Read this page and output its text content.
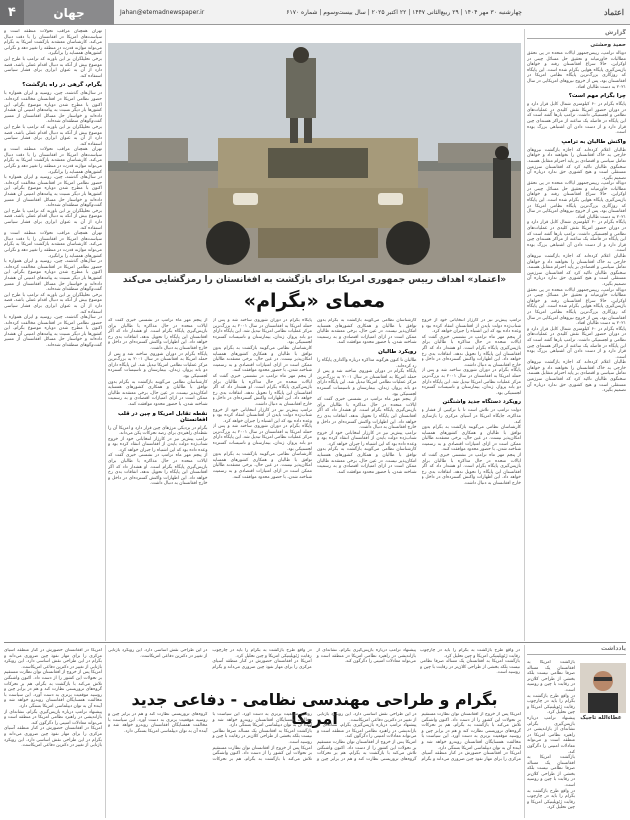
۴	جهان	Jahan@etemadnewspaper.ir	چهارشنبه ۳۰ مهر ۱۴۰۴ | ۲۹ ربیع‌الثانی ۱۴۴۷ | ۲۲ اکتبر ۲۰۲۵ | سال بیست‌وسوم | شماره ۶۱۷۰	اعتماد
گزارش
حمید وحشتی

دونالد ترامپ، رییس‌جمهور ایالات متحده در پی تحقق مطالبات خاورمیانه و تحقیق حل مسائل چینی در اوکراین، حالا سراغ افغانستان رفته و خواهان بازپس‌گیری پایگاه هوایی بگرام شده است. این پایگاه که روزگاری بزرگ‌ترین پایگاه نظامی امریکا در افغانستان بود، پس از خروج نیروهای امریکایی در سال ۲۰۲۱ به دست طالبان افتاد.

چرا بگرام مهم است؟

پایگاه بگرام در ۶۰ کیلومتری شمال کابل قرار دارد و در دوران حضور امریکا نقش کلیدی در عملیات‌های نظامی و لجستیکی داشت. ترامپ بارها گفته است که این پایگاه در فاصله یک ساعته از مراکز هسته‌ای چین قرار دارد و از دست دادن آن اشتباهی بزرگ بوده است.

واکنش طالبان به ترامپ

طالبان اعلام کرده‌اند که اجازه بازگشت نیروهای خارجی به خاک افغانستان را نخواهند داد و خواهان تعامل سیاسی و اقتصادی بر پایه احترام متقابل هستند. سخنگوی طالبان تاکید کرد که افغانستان سرزمین مستقلی است و هیچ کشوری حق ندارد درباره آن تصمیم بگیرد.

دونالد ترامپ، رییس‌جمهور ایالات متحده در پی تحقق مطالبات خاورمیانه و تحقیق حل مسائل چینی در اوکراین، حالا سراغ افغانستان رفته و خواهان بازپس‌گیری پایگاه هوایی بگرام شده است. این پایگاه که روزگاری بزرگ‌ترین پایگاه نظامی امریکا در افغانستان بود، پس از خروج نیروهای امریکایی در سال ۲۰۲۱ به دست طالبان افتاد.

پایگاه بگرام در ۶۰ کیلومتری شمال کابل قرار دارد و در دوران حضور امریکا نقش کلیدی در عملیات‌های نظامی و لجستیکی داشت. ترامپ بارها گفته است که این پایگاه در فاصله یک ساعته از مراکز هسته‌ای چین قرار دارد و از دست دادن آن اشتباهی بزرگ بوده است.

طالبان اعلام کرده‌اند که اجازه بازگشت نیروهای خارجی به خاک افغانستان را نخواهند داد و خواهان تعامل سیاسی و اقتصادی بر پایه احترام متقابل هستند. سخنگوی طالبان تاکید کرد که افغانستان سرزمین مستقلی است و هیچ کشوری حق ندارد درباره آن تصمیم بگیرد.

دونالد ترامپ، رییس‌جمهور ایالات متحده در پی تحقق مطالبات خاورمیانه و تحقیق حل مسائل چینی در اوکراین، حالا سراغ افغانستان رفته و خواهان بازپس‌گیری پایگاه هوایی بگرام شده است. این پایگاه که روزگاری بزرگ‌ترین پایگاه نظامی امریکا در افغانستان بود، پس از خروج نیروهای امریکایی در سال ۲۰۲۱ به دست طالبان افتاد.

پایگاه بگرام در ۶۰ کیلومتری شمال کابل قرار دارد و در دوران حضور امریکا نقش کلیدی در عملیات‌های نظامی و لجستیکی داشت. ترامپ بارها گفته است که این پایگاه در فاصله یک ساعته از مراکز هسته‌ای چین قرار دارد و از دست دادن آن اشتباهی بزرگ بوده است.

طالبان اعلام کرده‌اند که اجازه بازگشت نیروهای خارجی به خاک افغانستان را نخواهند داد و خواهان تعامل سیاسی و اقتصادی بر پایه احترام متقابل هستند. سخنگوی طالبان تاکید کرد که افغانستان سرزمین مستقلی است و هیچ کشوری حق ندارد درباره آن تصمیم بگیرد.

تهران همچنان مراقب تحولات منطقه است و سیاست‌های امریکا در افغانستان را با دقت دنبال می‌کند. کارشناسان معتقدند بازگشت امریکا به بگرام می‌تواند موازنه قدرت در منطقه را تغییر دهد و نگرانی کشورهای همسایه را برانگیزد.

برخی تحلیلگران بر این باورند که ترامپ با طرح این موضوع بیش از آنکه به دنبال اقدام عملی باشد، قصد دارد از آن به عنوان ابزاری برای فشار سیاسی استفاده کند.

بگرام، گرهی در راه بازگشت؟

در سال‌های گذشته، چین، روسیه و ایران همواره با حضور نظامی امریکا در افغانستان مخالفت کرده‌اند. اکنون با مطرح شدن دوباره موضوع بگرام، این کشورها بار دیگر نسبت به پیامدهای امنیتی آن هشدار داده‌اند و خواستار حل مسائل افغانستان از مسیر گفت‌وگوهای منطقه‌ای شده‌اند.

برخی تحلیلگران بر این باورند که ترامپ با طرح این موضوع بیش از آنکه به دنبال اقدام عملی باشد، قصد دارد از آن به عنوان ابزاری برای فشار سیاسی استفاده کند.

تهران همچنان مراقب تحولات منطقه است و سیاست‌های امریکا در افغانستان را با دقت دنبال می‌کند. کارشناسان معتقدند بازگشت امریکا به بگرام می‌تواند موازنه قدرت در منطقه را تغییر دهد و نگرانی کشورهای همسایه را برانگیزد.

در سال‌های گذشته، چین، روسیه و ایران همواره با حضور نظامی امریکا در افغانستان مخالفت کرده‌اند. اکنون با مطرح شدن دوباره موضوع بگرام، این کشورها بار دیگر نسبت به پیامدهای امنیتی آن هشدار داده‌اند و خواستار حل مسائل افغانستان از مسیر گفت‌وگوهای منطقه‌ای شده‌اند.

برخی تحلیلگران بر این باورند که ترامپ با طرح این موضوع بیش از آنکه به دنبال اقدام عملی باشد، قصد دارد از آن به عنوان ابزاری برای فشار سیاسی استفاده کند.

تهران همچنان مراقب تحولات منطقه است و سیاست‌های امریکا در افغانستان را با دقت دنبال می‌کند. کارشناسان معتقدند بازگشت امریکا به بگرام می‌تواند موازنه قدرت در منطقه را تغییر دهد و نگرانی کشورهای همسایه را برانگیزد.

در سال‌های گذشته، چین، روسیه و ایران همواره با حضور نظامی امریکا در افغانستان مخالفت کرده‌اند. اکنون با مطرح شدن دوباره موضوع بگرام، این کشورها بار دیگر نسبت به پیامدهای امنیتی آن هشدار داده‌اند و خواستار حل مسائل افغانستان از مسیر گفت‌وگوهای منطقه‌ای شده‌اند.

برخی تحلیلگران بر این باورند که ترامپ با طرح این موضوع بیش از آنکه به دنبال اقدام عملی باشد، قصد دارد از آن به عنوان ابزاری برای فشار سیاسی استفاده کند.

در سال‌های گذشته، چین، روسیه و ایران همواره با حضور نظامی امریکا در افغانستان مخالفت کرده‌اند. اکنون با مطرح شدن دوباره موضوع بگرام، این کشورها بار دیگر نسبت به پیامدهای امنیتی آن هشدار داده‌اند و خواستار حل مسائل افغانستان از مسیر گفت‌وگوهای منطقه‌ای شده‌اند.

«اعتماد» اهداف رییس جمهوری امریکا برای بازگشت به افغانستان را رمزگشایی می‌کند
معمای «بگرام»

از پنجم مهر ماه ترامپ در نشستی خبری گفت که ایالات متحده در حال مذاکره با طالبان برای بازپس‌گیری پایگاه بگرام است. او هشدار داد که اگر افغانستان این پایگاه را تحویل ندهد، اتفاقات بدی رخ خواهد داد. این اظهارات واکنش گسترده‌ای در داخل و خارج افغانستان به دنبال داشت.

پایگاه بگرام در دوران شوروی ساخته شد و پس از حمله امریکا به افغانستان در سال ۲۰۰۱ به بزرگ‌ترین مرکز عملیات نظامی امریکا تبدیل شد. این پایگاه دارای دو باند پرواز، زندان، بیمارستان و تاسیسات گسترده لجستیکی بود.

کارشناسان نظامی می‌گویند بازگشت به بگرام بدون توافق با طالبان و همکاری کشورهای همسایه امکان‌پذیر نیست. در عین حال، برخی معتقدند طالبان ممکن است در ازای امتیازات اقتصادی و به رسمیت شناخته شدن، با حضور محدود موافقت کنند.

نقطه تقابل امریکا و چین در قلب افغانستان

بگرام در نزدیکی مرزهای چین قرار دارد و امریکا آن را نقطه‌ای راهبردی برای رصد تحرکات پکن می‌داند.

ترامپ پیش‌تر نیز در کارزار انتخاباتی خود از خروج شتاب‌زده دولت بایدن از افغانستان انتقاد کرده بود و وعده داده بود که این اشتباه را جبران خواهد کرد.

از پنجم مهر ماه ترامپ در نشستی خبری گفت که ایالات متحده در حال مذاکره با طالبان برای بازپس‌گیری پایگاه بگرام است. او هشدار داد که اگر افغانستان این پایگاه را تحویل ندهد، اتفاقات بدی رخ خواهد داد. این اظهارات واکنش گسترده‌ای در داخل و خارج افغانستان به دنبال داشت.

پایگاه بگرام در دوران شوروی ساخته شد و پس از حمله امریکا به افغانستان در سال ۲۰۰۱ به بزرگ‌ترین مرکز عملیات نظامی امریکا تبدیل شد. این پایگاه دارای دو باند پرواز، زندان، بیمارستان و تاسیسات گسترده لجستیکی بود.

کارشناسان نظامی می‌گویند بازگشت به بگرام بدون توافق با طالبان و همکاری کشورهای همسایه امکان‌پذیر نیست. در عین حال، برخی معتقدند طالبان ممکن است در ازای امتیازات اقتصادی و به رسمیت شناخته شدن، با حضور محدود موافقت کنند.

از پنجم مهر ماه ترامپ در نشستی خبری گفت که ایالات متحده در حال مذاکره با طالبان برای بازپس‌گیری پایگاه بگرام است. او هشدار داد که اگر افغانستان این پایگاه را تحویل ندهد، اتفاقات بدی رخ خواهد داد. این اظهارات واکنش گسترده‌ای در داخل و خارج افغانستان به دنبال داشت.

ترامپ پیش‌تر نیز در کارزار انتخاباتی خود از خروج شتاب‌زده دولت بایدن از افغانستان انتقاد کرده بود و وعده داده بود که این اشتباه را جبران خواهد کرد.

پایگاه بگرام در دوران شوروی ساخته شد و پس از حمله امریکا به افغانستان در سال ۲۰۰۱ به بزرگ‌ترین مرکز عملیات نظامی امریکا تبدیل شد. این پایگاه دارای دو باند پرواز، زندان، بیمارستان و تاسیسات گسترده لجستیکی بود.

کارشناسان نظامی می‌گویند بازگشت به بگرام بدون توافق با طالبان و همکاری کشورهای همسایه امکان‌پذیر نیست. در عین حال، برخی معتقدند طالبان ممکن است در ازای امتیازات اقتصادی و به رسمیت شناخته شدن، با حضور محدود موافقت کنند.

کارشناسان نظامی می‌گویند بازگشت به بگرام بدون توافق با طالبان و همکاری کشورهای همسایه امکان‌پذیر نیست. در عین حال، برخی معتقدند طالبان ممکن است در ازای امتیازات اقتصادی و به رسمیت شناخته شدن، با حضور محدود موافقت کنند.

رویکرد طالبان

طالبان تا کنون هرگونه مذاکره درباره واگذاری پایگاه را رد کرده‌اند.

پایگاه بگرام در دوران شوروی ساخته شد و پس از حمله امریکا به افغانستان در سال ۲۰۰۱ به بزرگ‌ترین مرکز عملیات نظامی امریکا تبدیل شد. این پایگاه دارای دو باند پرواز، زندان، بیمارستان و تاسیسات گسترده لجستیکی بود.

از پنجم مهر ماه ترامپ در نشستی خبری گفت که ایالات متحده در حال مذاکره با طالبان برای بازپس‌گیری پایگاه بگرام است. او هشدار داد که اگر افغانستان این پایگاه را تحویل ندهد، اتفاقات بدی رخ خواهد داد. این اظهارات واکنش گسترده‌ای در داخل و خارج افغانستان به دنبال داشت.

ترامپ پیش‌تر نیز در کارزار انتخاباتی خود از خروج شتاب‌زده دولت بایدن از افغانستان انتقاد کرده بود و وعده داده بود که این اشتباه را جبران خواهد کرد.

کارشناسان نظامی می‌گویند بازگشت به بگرام بدون توافق با طالبان و همکاری کشورهای همسایه امکان‌پذیر نیست. در عین حال، برخی معتقدند طالبان ممکن است در ازای امتیازات اقتصادی و به رسمیت شناخته شدن، با حضور محدود موافقت کنند.

ترامپ پیش‌تر نیز در کارزار انتخاباتی خود از خروج شتاب‌زده دولت بایدن از افغانستان انتقاد کرده بود و وعده داده بود که این اشتباه را جبران خواهد کرد.

از پنجم مهر ماه ترامپ در نشستی خبری گفت که ایالات متحده در حال مذاکره با طالبان برای بازپس‌گیری پایگاه بگرام است. او هشدار داد که اگر افغانستان این پایگاه را تحویل ندهد، اتفاقات بدی رخ خواهد داد. این اظهارات واکنش گسترده‌ای در داخل و خارج افغانستان به دنبال داشت.

پایگاه بگرام در دوران شوروی ساخته شد و پس از حمله امریکا به افغانستان در سال ۲۰۰۱ به بزرگ‌ترین مرکز عملیات نظامی امریکا تبدیل شد. این پایگاه دارای دو باند پرواز، زندان، بیمارستان و تاسیسات گسترده لجستیکی بود.

رویکرد دستگاه جدید واشنگتن

دولت ترامپ در تلاش است تا با ترکیبی از فشار و مذاکره، جایگاه امریکا در آسیای مرکزی را بازسازی کند.

کارشناسان نظامی می‌گویند بازگشت به بگرام بدون توافق با طالبان و همکاری کشورهای همسایه امکان‌پذیر نیست. در عین حال، برخی معتقدند طالبان ممکن است در ازای امتیازات اقتصادی و به رسمیت شناخته شدن، با حضور محدود موافقت کنند.

از پنجم مهر ماه ترامپ در نشستی خبری گفت که ایالات متحده در حال مذاکره با طالبان برای بازپس‌گیری پایگاه بگرام است. او هشدار داد که اگر افغانستان این پایگاه را تحویل ندهد، اتفاقات بدی رخ خواهد داد. این اظهارات واکنش گسترده‌ای در داخل و خارج افغانستان به دنبال داشت.

یادداشت
عطاءالله تاجیک

بازگشت امریکا به افغانستان یک مساله صرفا نظامی نیست بلکه بخشی از طراحی کلان‌تر در رقابت با چین و روسیه است.

در واقع طرح بازگشت به بگرام را باید در چارچوب رقابت ژئوپلیتیکی امریکا و چین تحلیل کرد.

پیشنهاد ترامپ درباره بازپس‌گیری بگرام، نشانه‌ای از بازاندیشی در راهبرد نظامی امریکا در منطقه است و می‌تواند معادلات امنیتی را دگرگون کند.

بازگشت امریکا به افغانستان یک مساله صرفا نظامی نیست بلکه بخشی از طراحی کلان‌تر در رقابت با چین و روسیه است.

در واقع طرح بازگشت به بگرام را باید در چارچوب رقابت ژئوپلیتیکی امریکا و چین تحلیل کرد.

در واقع طرح بازگشت به بگرام را باید در چارچوب رقابت ژئوپلیتیکی امریکا و چین تحلیل کرد.

بازگشت امریکا به افغانستان یک مساله صرفا نظامی نیست بلکه بخشی از طراحی کلان‌تر در رقابت با چین و روسیه است.

پیشنهاد ترامپ درباره بازپس‌گیری بگرام، نشانه‌ای از بازاندیشی در راهبرد نظامی امریکا در منطقه است و می‌تواند معادلات امنیتی را دگرگون کند.

در واقع طرح بازگشت به بگرام را باید در چارچوب رقابت ژئوپلیتیکی امریکا و چین تحلیل کرد.

امریکا در افغانستان حضورش در کنار منطقه آسیای مرکزی را برای مهار نفوذ چین ضروری می‌داند و بگرام در این طراحی نقش اساسی دارد. این رویکرد بازتابی از تغییر در دکترین دفاعی امریکاست.

بگرام و طراحی مهندسی نظامی - دفاعی جدید امریکا	امریکا پس از خروج از افغانستان توان نظارت مستقیم بر تحولات این کشور را از دست داد. اکنون واشنگتن تلاش می‌کند با بازگشت به بگرام، هم بر تحرکات گروه‌های تروریستی نظارت کند و هم در برابر چین و روسیه موقعیت برتری به دست آورد. این سیاست با مخالفت همسایگان افغانستان روبه‌رو خواهد شد و آینده آن به توان دیپلماسی امریکا بستگی دارد.

امریکا در افغانستان حضورش در کنار منطقه آسیای مرکزی را برای مهار نفوذ چین ضروری می‌داند و بگرام در این طراحی نقش اساسی دارد. این رویکرد بازتابی از تغییر در دکترین دفاعی امریکاست.

پیشنهاد ترامپ درباره بازپس‌گیری بگرام، نشانه‌ای از بازاندیشی در راهبرد نظامی امریکا در منطقه است و می‌تواند معادلات امنیتی را دگرگون کند.

امریکا پس از خروج از افغانستان توان نظارت مستقیم بر تحولات این کشور را از دست داد. اکنون واشنگتن تلاش می‌کند با بازگشت به بگرام، هم بر تحرکات گروه‌های تروریستی نظارت کند و هم در برابر چین و روسیه موقعیت برتری به دست آورد. این سیاست با مخالفت همسایگان افغانستان روبه‌رو خواهد شد و آینده آن به توان دیپلماسی امریکا بستگی دارد.

بازگشت امریکا به افغانستان یک مساله صرفا نظامی نیست بلکه بخشی از طراحی کلان‌تر در رقابت با چین و روسیه است.

امریکا پس از خروج از افغانستان توان نظارت مستقیم بر تحولات این کشور را از دست داد. اکنون واشنگتن تلاش می‌کند با بازگشت به بگرام، هم بر تحرکات گروه‌های تروریستی نظارت کند و هم در برابر چین و روسیه موقعیت برتری به دست آورد. این سیاست با مخالفت همسایگان افغانستان روبه‌رو خواهد شد و آینده آن به توان دیپلماسی امریکا بستگی دارد.

امریکا در افغانستان حضورش در کنار منطقه آسیای مرکزی را برای مهار نفوذ چین ضروری می‌داند و بگرام در این طراحی نقش اساسی دارد. این رویکرد بازتابی از تغییر در دکترین دفاعی امریکاست.

امریکا پس از خروج از افغانستان توان نظارت مستقیم بر تحولات این کشور را از دست داد. اکنون واشنگتن تلاش می‌کند با بازگشت به بگرام، هم بر تحرکات گروه‌های تروریستی نظارت کند و هم در برابر چین و روسیه موقعیت برتری به دست آورد. این سیاست با مخالفت همسایگان افغانستان روبه‌رو خواهد شد و آینده آن به توان دیپلماسی امریکا بستگی دارد.

پیشنهاد ترامپ درباره بازپس‌گیری بگرام، نشانه‌ای از بازاندیشی در راهبرد نظامی امریکا در منطقه است و می‌تواند معادلات امنیتی را دگرگون کند.

امریکا در افغانستان حضورش در کنار منطقه آسیای مرکزی را برای مهار نفوذ چین ضروری می‌داند و بگرام در این طراحی نقش اساسی دارد. این رویکرد بازتابی از تغییر در دکترین دفاعی امریکاست.
